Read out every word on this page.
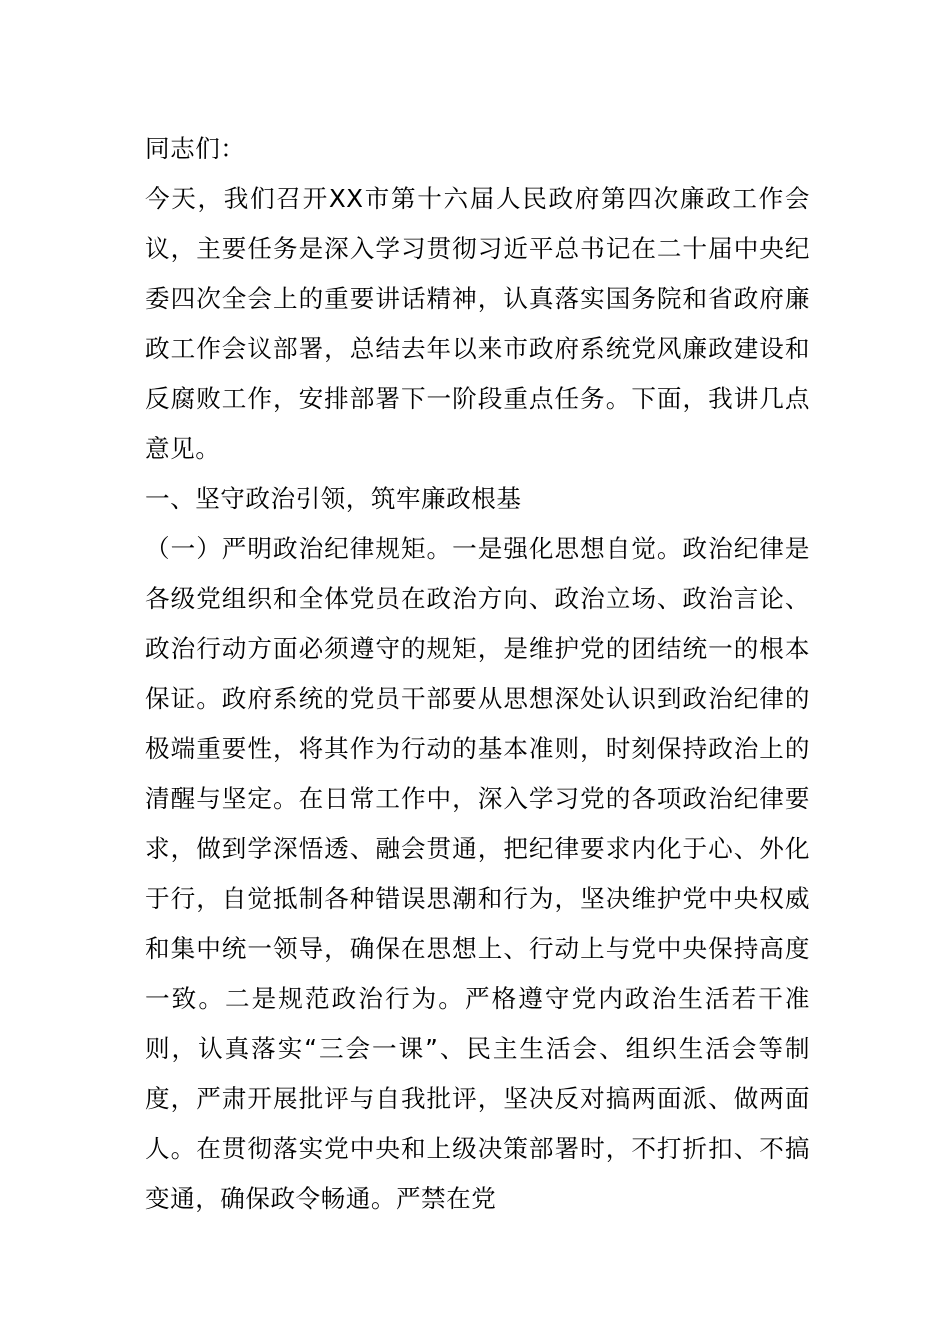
同志们：

今天，我们召开XX市第十六届人民政府第四次廉政工作会议，主要任务是深入学习贯彻习近平总书记在二十届中央纪委四次全会上的重要讲话精神，认真落实国务院和省政府廉政工作会议部署，总结去年以来市政府系统党风廉政建设和反腐败工作，安排部署下一阶段重点任务。下面，我讲几点意见。

一、坚守政治引领，筑牢廉政根基

（一）严明政治纪律规矩。一是强化思想自觉。政治纪律是各级党组织和全体党员在政治方向、政治立场、政治言论、政治行动方面必须遵守的规矩，是维护党的团结统一的根本保证。政府系统的党员干部要从思想深处认识到政治纪律的极端重要性，将其作为行动的基本准则，时刻保持政治上的清醒与坚定。在日常工作中，深入学习党的各项政治纪律要求，做到学深悟透、融会贯通，把纪律要求内化于心、外化于行，自觉抵制各种错误思潮和行为，坚决维护党中央权威和集中统一领导，确保在思想上、行动上与党中央保持高度一致。二是规范政治行为。严格遵守党内政治生活若干准则，认真落实“三会一课”、民主生活会、组织生活会等制度，严肃开展批评与自我批评，坚决反对搞两面派、做两面人。在贯彻落实党中央和上级决策部署时，不打折扣、不搞变通，确保政令畅通。严禁在党
